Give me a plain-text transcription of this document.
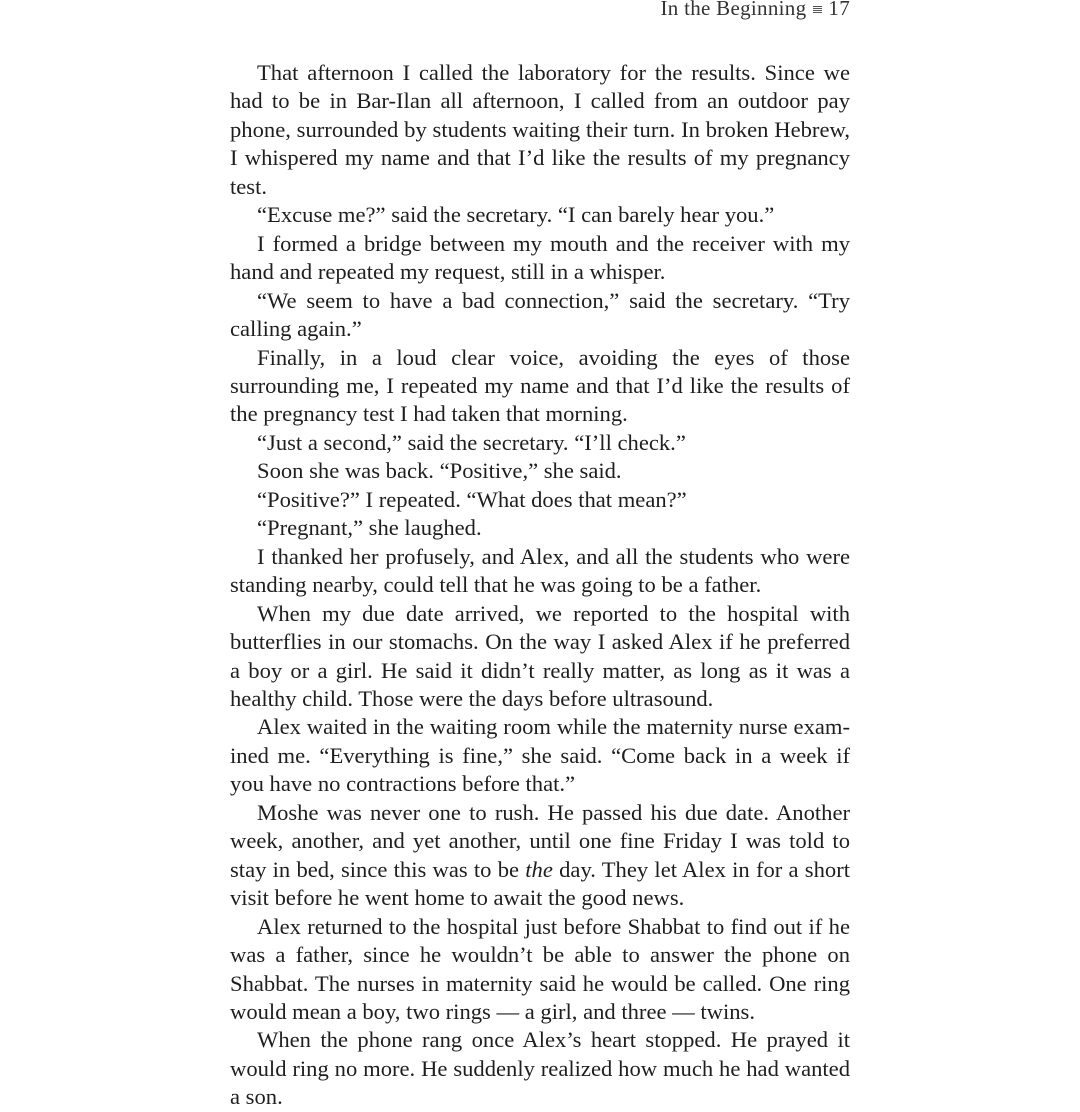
In the Beginning 17

That afternoon I called the laboratory for the results. Since we had to be in Bar-Ilan all afternoon, I called from an outdoor pay phone, surrounded by students waiting their turn. In broken Hebrew, I whispered my name and that I’d like the results of my pregnancy test.

“Excuse me?” said the secretary. “I can barely hear you.”

I formed a bridge between my mouth and the receiver with my hand and repeated my request, still in a whisper.

“We seem to have a bad connection,” said the secretary. “Try calling again.”

Finally, in a loud clear voice, avoiding the eyes of those surrounding me, I repeated my name and that I’d like the results of the pregnancy test I had taken that morning.

“Just a second,” said the secretary. “I’ll check.”

Soon she was back. “Positive,” she said.

“Positive?” I repeated. “What does that mean?”

“Pregnant,” she laughed.

I thanked her profusely, and Alex, and all the students who were standing nearby, could tell that he was going to be a father.

When my due date arrived, we reported to the hospital with butterflies in our stomachs. On the way I asked Alex if he preferred a boy or a girl. He said it didn’t really matter, as long as it was a healthy child. Those were the days before ultrasound.

Alex waited in the waiting room while the maternity nurse examined me. “Everything is fine,” she said. “Come back in a week if you have no contractions before that.”

Moshe was never one to rush. He passed his due date. Another week, another, and yet another, until one fine Friday I was told to stay in bed, since this was to be the day. They let Alex in for a short visit before he went home to await the good news.

Alex returned to the hospital just before Shabbat to find out if he was a father, since he wouldn’t be able to answer the phone on Shabbat. The nurses in maternity said he would be called. One ring would mean a boy, two rings — a girl, and three — twins.

When the phone rang once Alex’s heart stopped. He prayed it would ring no more. He suddenly realized how much he had wanted a son.
